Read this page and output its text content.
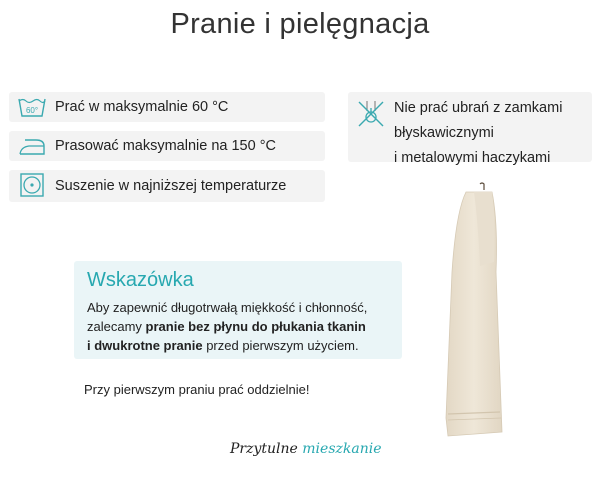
Pranie i pielęgnacja
60° Prać w maksymalnie 60 °C
Prasować maksymalnie na 150 °C
Suszenie w najniższej temperaturze
Nie prać ubrań z zamkami
błyskawicznymi
i metalowymi haczykami
Wskazówka
Aby zapewnić długotrwałą miękkość i chłonność,
zalecamy pranie bez płynu do płukania tkanin
i dwukrotne pranie przed pierwszym użyciem.
Przy pierwszym praniu prać oddzielnie!
Przytulne mieszkanie
